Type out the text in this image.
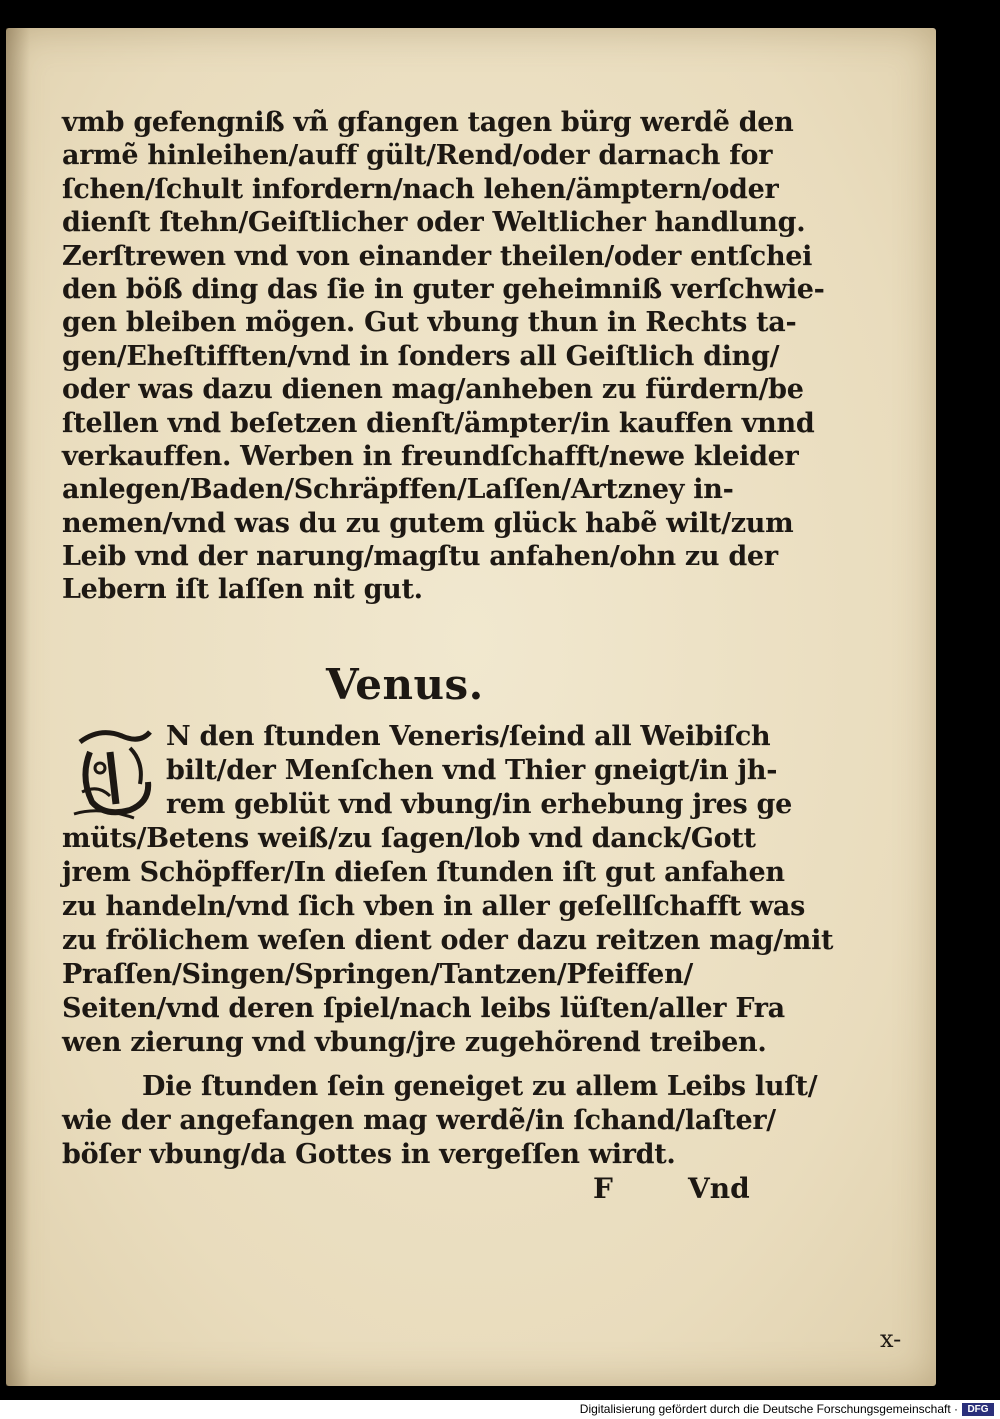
vmb gefengniß vñ gfangen tagen bürg werdẽ den
armẽ hinleihen/auff gült/Rend/oder darnach for
ſchen/ſchult infordern/nach lehen/ämptern/oder
dienſt ſtehn/Geiſtlicher oder Weltlicher handlung.
Zerſtrewen vnd von einander theilen/oder entſchei
den böß ding das ſie in guter geheimniß verſchwie-
gen bleiben mögen. Gut vbung thun in Rechts ta-
gen/Eheſtifften/vnd in ſonders all Geiſtlich ding/
oder was dazu dienen mag/anheben zu fürdern/be
ſtellen vnd beſetzen dienſt/ämpter/in kauffen vnnd
verkauffen. Werben in freundſchafft/newe kleider
anlegen/Baden/Schräpffen/Laſſen/Artzney in-
nemen/vnd was du zu gutem glück habẽ wilt/zum
Leib vnd der narung/magſtu anfahen/ohn zu der
Lebern iſt laſſen nit gut.
Venus.
N den ſtunden Veneris/ſeind all Weibiſch
bilt/der Menſchen vnd Thier gneigt/in jh-
rem geblüt vnd vbung/in erhebung jres ge
müts/Betens weiß/zu ſagen/lob vnd danck/Gott
jrem Schöpffer/In dieſen ſtunden iſt gut anfahen
zu handeln/vnd ſich vben in aller geſellſchafft was
zu frölichem weſen dient oder dazu reitzen mag/mit
Praſſen/Singen/Springen/Tantzen/Pfeiffen/
Seiten/vnd deren ſpiel/nach leibs lüſten/aller Fra
wen zierung vnd vbung/jre zugehörend treiben.
Die ſtunden ſein geneiget zu allem Leibs luſt/
wie der angefangen mag werdẽ/in ſchand/laſter/
böſer vbung/da Gottes in vergeſſen wirdt.
F	Vnd
x-
Digitalisierung gefördert durch die Deutsche Forschungsgemeinschaft · DFG
